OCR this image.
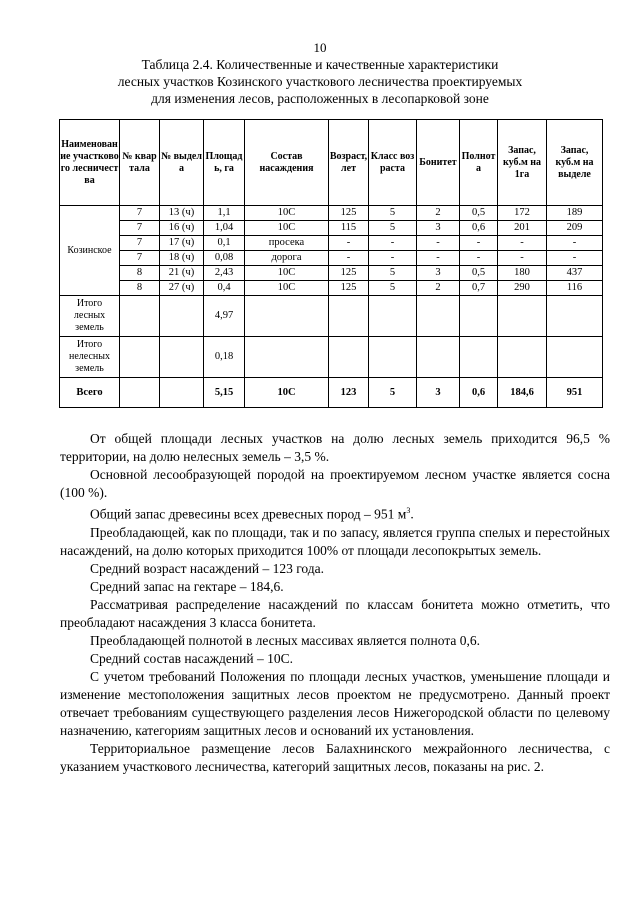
10
Таблица 2.4. Количественные и качественные характеристики
лесных участков Козинского участкового лесничества проектируемых
для изменения лесов, расположенных в лесопарковой зоне
Наименование участкового лесничества	№ квартала	№ выдела	Площадь, га	Состав насаждения	Возраст, лет	Класс возраста	Бонитет	Полнота	Запас, куб.м на 1га	Запас, куб.м на выделе
Козинское	7	13 (ч)	1,1	10С	125	5	2	0,5	172	189
	7	16 (ч)	1,04	10С	115	5	3	0,6	201	209
	7	17 (ч)	0,1	просека	-	-	-	-	-	-
	7	18 (ч)	0,08	дорога	-	-	-	-	-	-
	8	21 (ч)	2,43	10С	125	5	3	0,5	180	437
	8	27 (ч)	0,4	10С	125	5	2	0,7	290	116
Итого лесных земель			4,97							
Итого нелесных земель			0,18							
Всего			5,15	10С	123	5	3	0,6	184,6	951

От общей площади лесных участков на долю лесных земель приходится 96,5 % территории, на долю нелесных земель – 3,5 %.

Основной лесообразующей породой на проектируемом лесном участке является сосна (100 %).

Общий запас древесины всех древесных пород – 951 $м^3$.

Преобладающей, как по площади, так и по запасу, является группа спелых и перестойных насаждений, на долю которых приходится 100% от площади лесопокрытых земель.

Средний возраст насаждений – 123 года.

Средний запас на гектаре – 184,6.

Рассматривая распределение насаждений по классам бонитета можно отметить, что преобладают насаждения 3 класса бонитета.

Преобладающей полнотой в лесных массивах является полнота 0,6.

Средний состав насаждений – 10С.

С учетом требований Положения по площади лесных участков, уменьшение площади и изменение местоположения защитных лесов проектом не предусмотрено. Данный проект отвечает требованиям существующего разделения лесов Нижегородской области по целевому назначению, категориям защитных лесов и оснований их установления.

Территориальное размещение лесов Балахнинского межрайонного лесничества, с указанием участкового лесничества, категорий защитных лесов, показаны на рис. 2.
